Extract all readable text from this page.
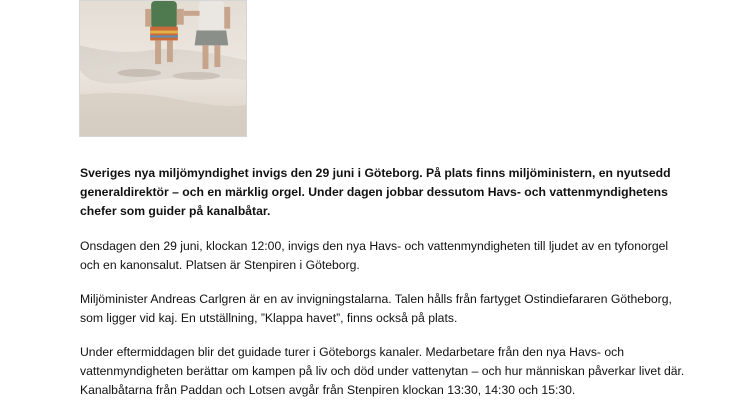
Sveriges nya miljömyndighet invigs den 29 juni i Göteborg. På plats finns miljöministern, en nyutsedd generaldirektör – och en märklig orgel. Under dagen jobbar dessutom Havs- och vattenmyndighetens chefer som guider på kanalbåtar.

Onsdagen den 29 juni, klockan 12:00, invigs den nya Havs- och vattenmyndigheten till ljudet av en tyfonorgel och en kanonsalut. Platsen är Stenpiren i Göteborg.

Miljöminister Andreas Carlgren är en av invigningstalarna. Talen hålls från fartyget Ostindiefararen Götheborg, som ligger vid kaj. En utställning, ”Klappa havet”, finns också på plats.

Under eftermiddagen blir det guidade turer i Göteborgs kanaler. Medarbetare från den nya Havs- och vattenmyndigheten berättar om kampen på liv och död under vattenytan – och hur människan påverkar livet där. Kanalbåtarna från Paddan och Lotsen avgår från Stenpiren klockan 13:30, 14:30 och 15:30.
